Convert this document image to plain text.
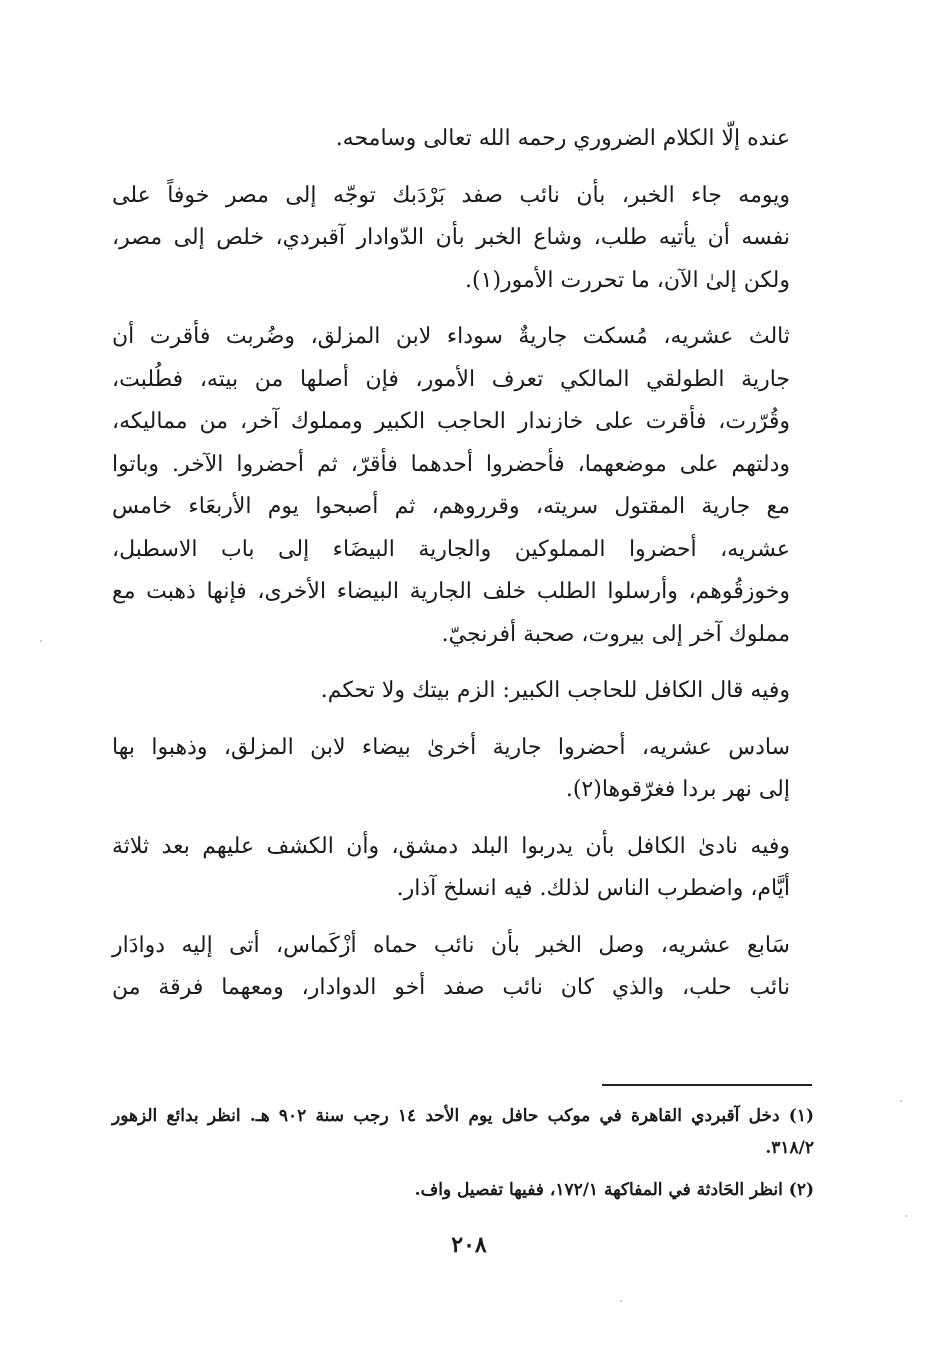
عنده إلّا الكلام الضروري رحمه الله تعالى وسامحه.

ويومه جاء الخبر، بأن نائب صفد بَرْدَبك توجّه إلى مصر خوفاً على
نفسه أن يأتيه طلب، وشاع الخبر بأن الدّوادار آقبردي، خلص إلى مصر،
ولكن إلىٰ الآن، ما تحررت الأمور(١).

ثالث عشريه، مُسكت جاريةٌ سوداء لابن المزلق، وضُربت فأقرت أن
جارية الطولقي المالكي تعرف الأمور، فإن أصلها من بيته، فطُلبت،
وقُرّرت، فأقرت على خازندار الحاجب الكبير ومملوك آخر، من مماليكه،
ودلتهم على موضعهما، فأحضروا أحدهما فأقرّ، ثم أحضروا الآخر. وباتوا
مع جارية المقتول سريته، وقرروهم، ثم أصبحوا يوم الأربعَاء خامس
عشريه، أحضروا المملوكين والجارية البيضَاء إلى باب الاسطبل،
وخوزقُوهم، وأرسلوا الطلب خلف الجارية البيضاء الأخرى، فإنها ذهبت مع
مملوك آخر إلى بيروت، صحبة أفرنجيّ.

وفيه قال الكافل للحاجب الكبير: الزم بيتك ولا تحكم.

سادس عشريه، أحضروا جارية أخرىٰ بيضاء لابن المزلق، وذهبوا بها
إلى نهر بردا فغرّقوها(٢).

وفيه نادىٰ الكافل بأن يدربوا البلد دمشق، وأن الكشف عليهم بعد ثلاثة
أيَّام، واضطرب الناس لذلك. فيه انسلخ آذار.

سَابع عشريه، وصل الخبر بأن نائب حماه أزْكَماس، أتى إليه دوادَار
نائب حلب، والذي كان نائب صفد أخو الدوادار، ومعهما فرقة من

(١) دخل آقبردي القاهرة في موكب حافل يوم الأحد ١٤ رجب سنة ٩٠٢ هـ. انظر بدائع الزهور ٣١٨/٢.

(٢) انظر الحَادثة في المفاكهة ١٧٢/١، ففيها تفصيل واف.

٢٠٨
